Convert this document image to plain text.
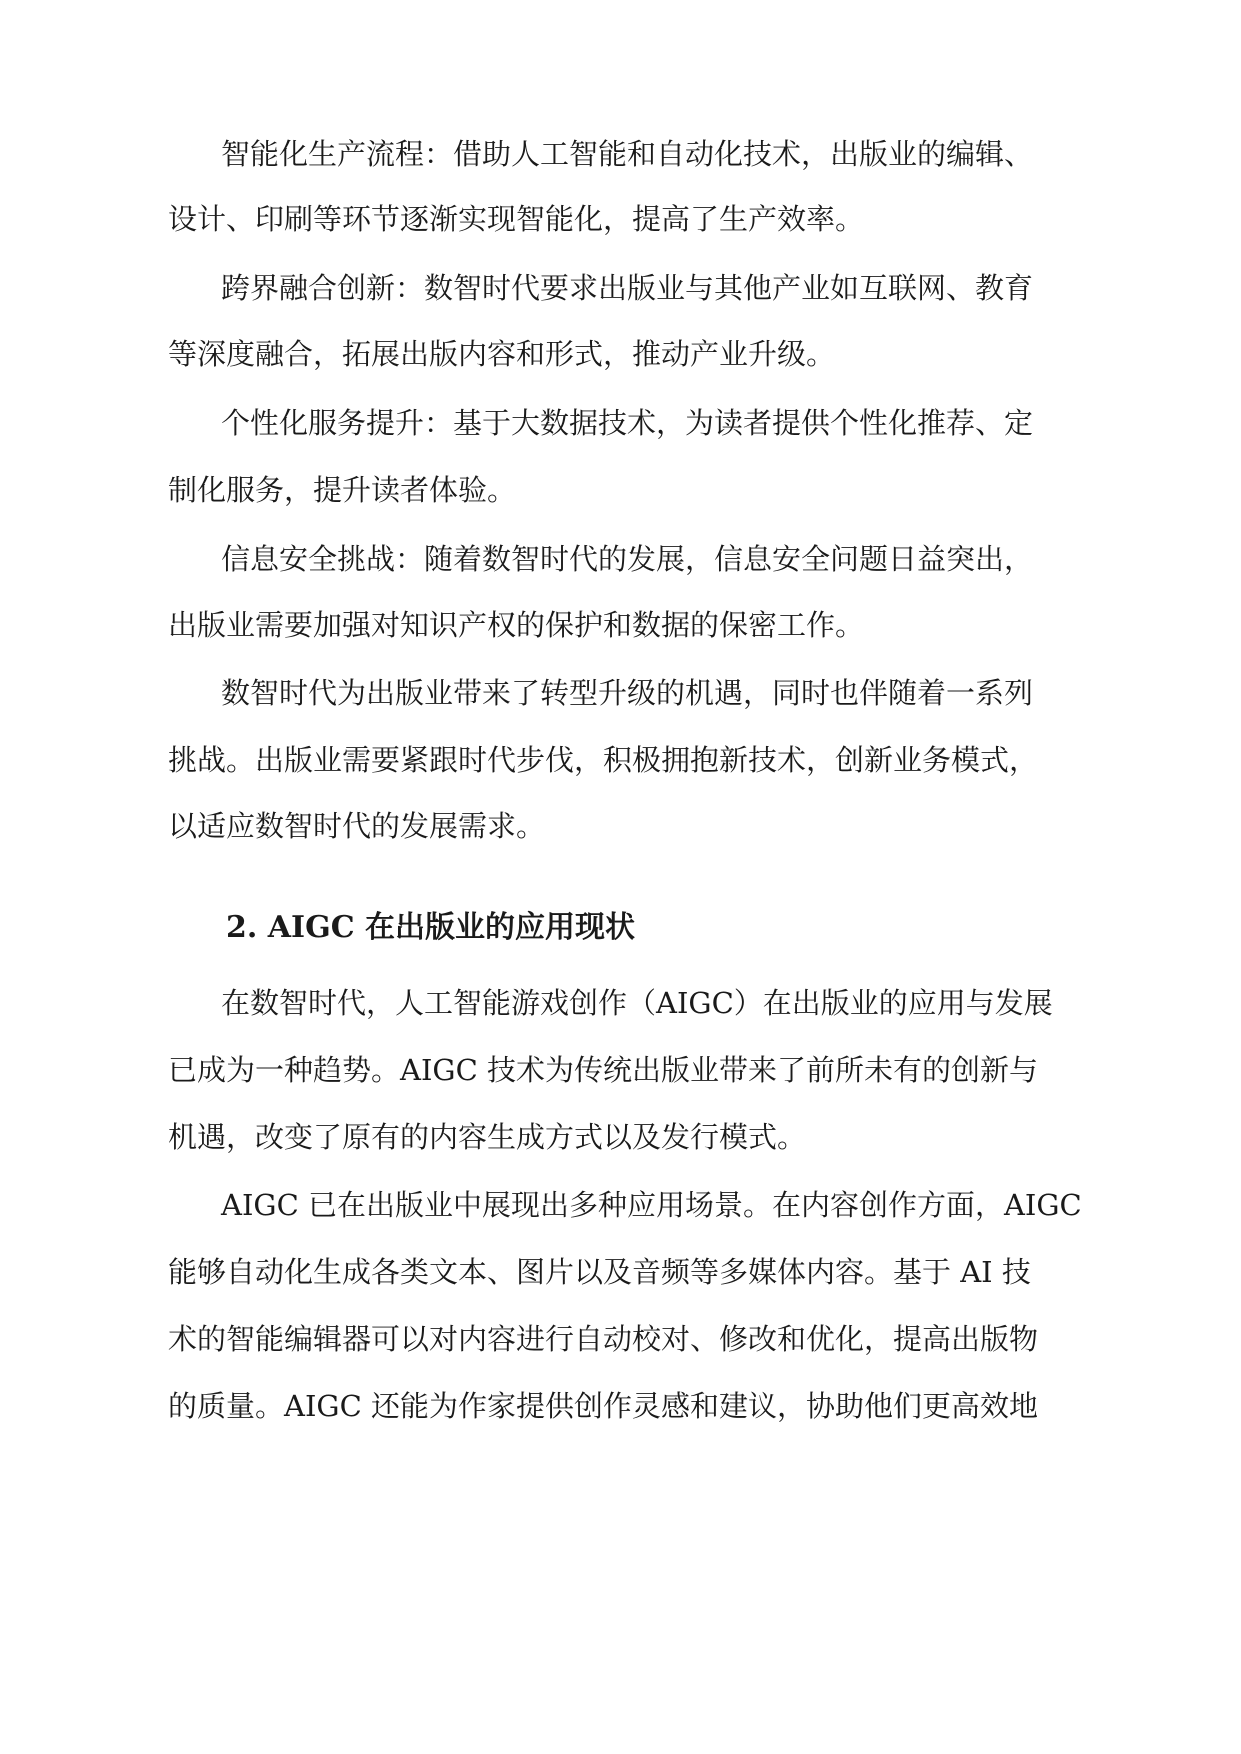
智能化生产流程：借助人工智能和自动化技术，出版业的编辑、

设计、印刷等环节逐渐实现智能化，提高了生产效率。

跨界融合创新：数智时代要求出版业与其他产业如互联网、教育

等深度融合，拓展出版内容和形式，推动产业升级。

个性化服务提升：基于大数据技术，为读者提供个性化推荐、定

制化服务，提升读者体验。

信息安全挑战：随着数智时代的发展，信息安全问题日益突出，

出版业需要加强对知识产权的保护和数据的保密工作。

数智时代为出版业带来了转型升级的机遇，同时也伴随着一系列

挑战。出版业需要紧跟时代步伐，积极拥抱新技术，创新业务模式，

以适应数智时代的发展需求。

2. AIGC 在出版业的应用现状

在数智时代，人工智能游戏创作（AIGC）在出版业的应用与发展

已成为一种趋势。AIGC 技术为传统出版业带来了前所未有的创新与

机遇，改变了原有的内容生成方式以及发行模式。

AIGC 已在出版业中展现出多种应用场景。在内容创作方面，AIGC

能够自动化生成各类文本、图片以及音频等多媒体内容。基于 AI 技

术的智能编辑器可以对内容进行自动校对、修改和优化，提高出版物

的质量。AIGC 还能为作家提供创作灵感和建议，协助他们更高效地
